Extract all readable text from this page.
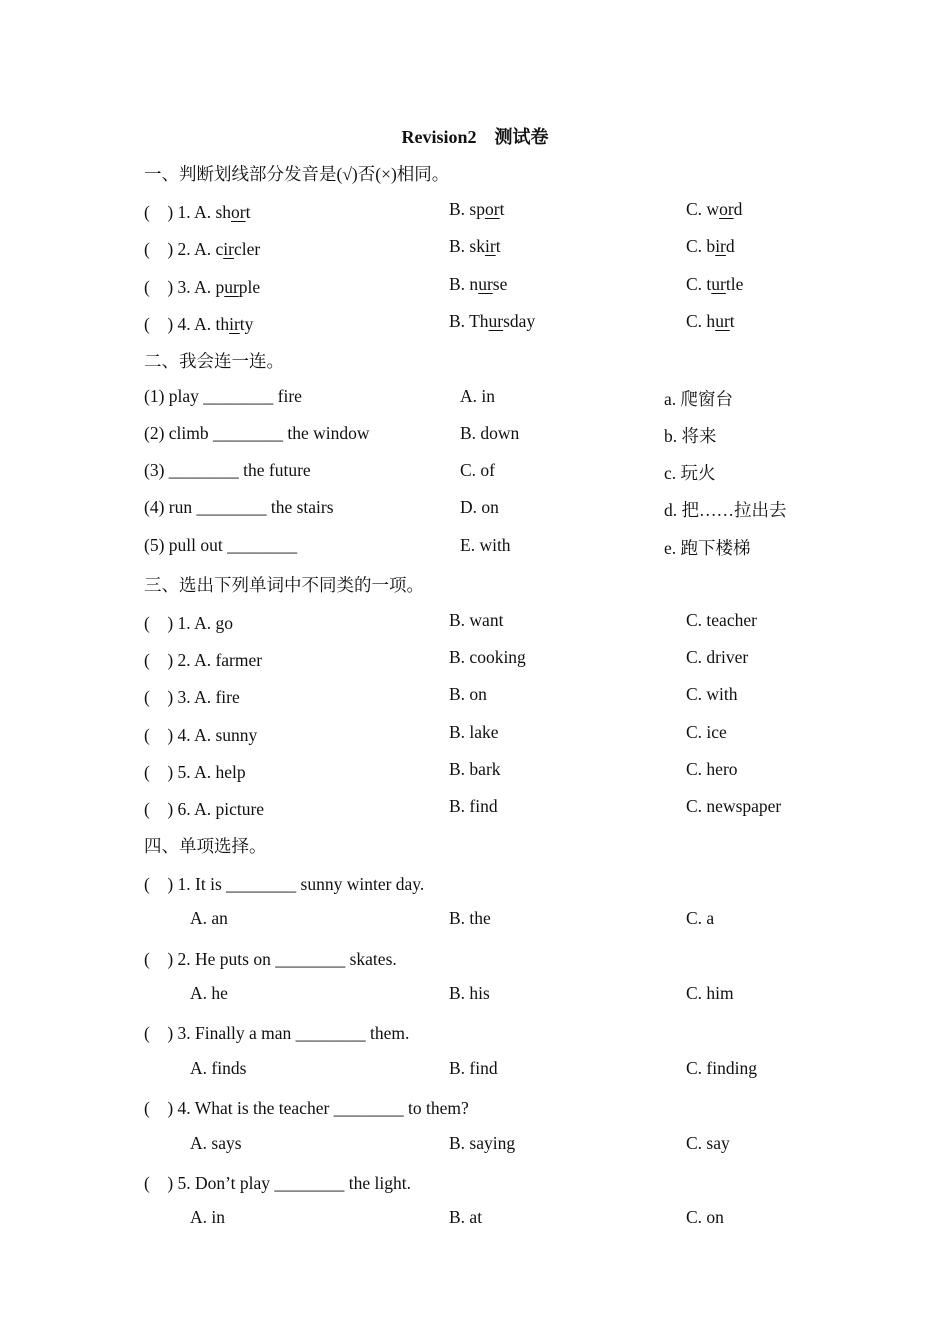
Revision2　测试卷
一、判断划线部分发音是(√)否(×)相同。
(　) 1. A. short	B. sport	C. word
(　) 2. A. circler	B. skirt	C. bird
(　) 3. A. purple	B. nurse	C. turtle
(　) 4. A. thirty	B. Thursday	C. hurt
二、我会连一连。
(1) play ________ fire	A. in	a. 爬窗台
(2) climb ________ the window	B. down	b. 将来
(3) ________ the future	C. of	c. 玩火
(4) run ________ the stairs	D. on	d. 把……拉出去
(5) pull out ________	E. with	e. 跑下楼梯
三、选出下列单词中不同类的一项。
(　) 1. A. go	B. want	C. teacher
(　) 2. A. farmer	B. cooking	C. driver
(　) 3. A. fire	B. on	C. with
(　) 4. A. sunny	B. lake	C. ice
(　) 5. A. help	B. bark	C. hero
(　) 6. A. picture	B. find	C. newspaper
四、单项选择。
(　) 1. It is ________ sunny winter day.
A. an	B. the	C. a
(　) 2. He puts on ________ skates.
A. he	B. his	C. him
(　) 3. Finally a man ________ them.
A. finds	B. find	C. finding
(　) 4. What is the teacher ________ to them?
A. says	B. saying	C. say
(　) 5. Don’t play ________ the light.
A. in	B. at	C. on
